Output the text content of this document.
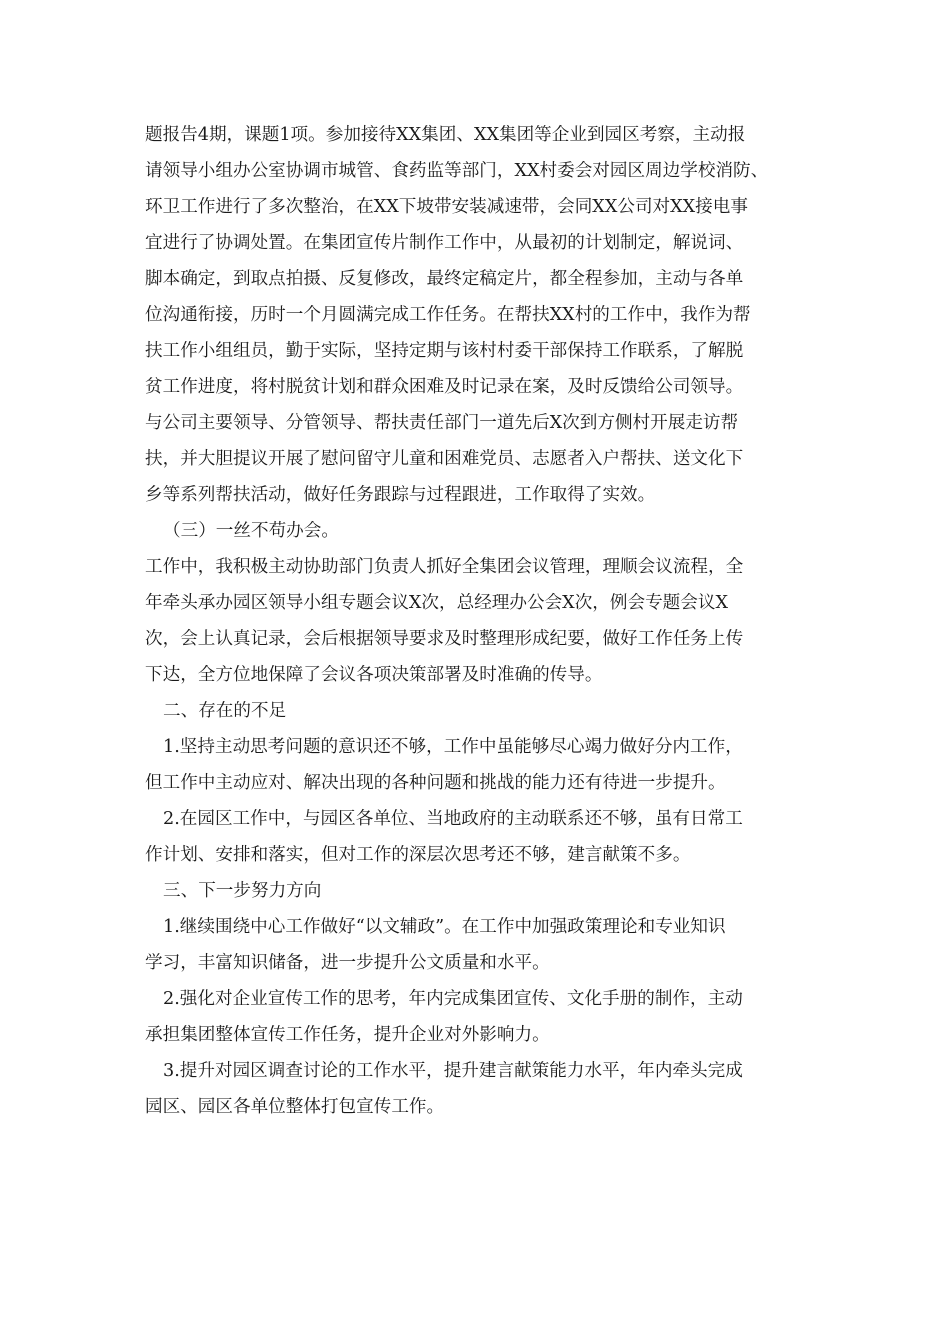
题报告4期，课题1项。参加接待XX集团、XX集团等企业到园区考察，主动报
请领导小组办公室协调市城管、食药监等部门，XX村委会对园区周边学校消防、
环卫工作进行了多次整治，在XX下坡带安装减速带，会同XX公司对XX接电事
宜进行了协调处置。在集团宣传片制作工作中，从最初的计划制定，解说词、
脚本确定，到取点拍摄、反复修改，最终定稿定片，都全程参加，主动与各单
位沟通衔接，历时一个月圆满完成工作任务。在帮扶XX村的工作中，我作为帮
扶工作小组组员，勤于实际，坚持定期与该村村委干部保持工作联系，了解脱
贫工作进度，将村脱贫计划和群众困难及时记录在案，及时反馈给公司领导。
与公司主要领导、分管领导、帮扶责任部门一道先后X次到方侧村开展走访帮
扶，并大胆提议开展了慰问留守儿童和困难党员、志愿者入户帮扶、送文化下
乡等系列帮扶活动，做好任务跟踪与过程跟进，工作取得了实效。
（三）一丝不苟办会。
工作中，我积极主动协助部门负责人抓好全集团会议管理，理顺会议流程，全
年牵头承办园区领导小组专题会议X次，总经理办公会X次，例会专题会议X
次，会上认真记录，会后根据领导要求及时整理形成纪要，做好工作任务上传
下达，全方位地保障了会议各项决策部署及时准确的传导。
二、存在的不足
1.坚持主动思考问题的意识还不够，工作中虽能够尽心竭力做好分内工作，
但工作中主动应对、解决出现的各种问题和挑战的能力还有待进一步提升。
2.在园区工作中，与园区各单位、当地政府的主动联系还不够，虽有日常工
作计划、安排和落实，但对工作的深层次思考还不够，建言献策不多。
三、下一步努力方向
1.继续围绕中心工作做好“以文辅政”。在工作中加强政策理论和专业知识
学习，丰富知识储备，进一步提升公文质量和水平。
2.强化对企业宣传工作的思考，年内完成集团宣传、文化手册的制作，主动
承担集团整体宣传工作任务，提升企业对外影响力。
3.提升对园区调查讨论的工作水平，提升建言献策能力水平，年内牵头完成
园区、园区各单位整体打包宣传工作。
